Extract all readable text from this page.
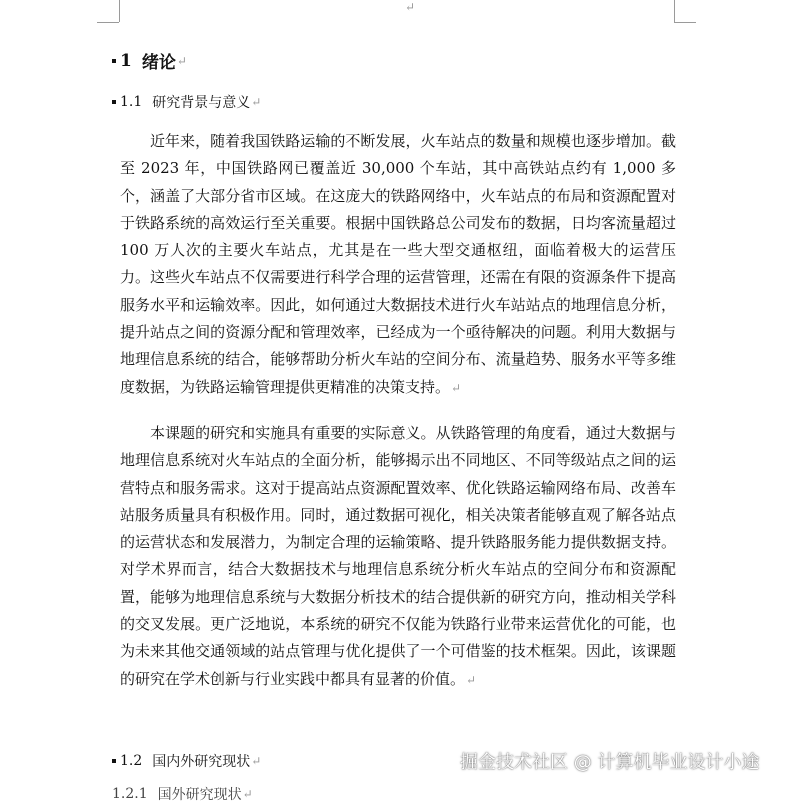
↵
1 绪论 ↵
1.1 研究背景与意义 ↵

近年来，随着我国铁路运输的不断发展，火车站点的数量和规模也逐步增加。截至 2023 年，中国铁路网已覆盖近 30,000 个车站，其中高铁站点约有 1,000 多个，涵盖了大部分省市区域。在这庞大的铁路网络中，火车站点的布局和资源配置对于铁路系统的高效运行至关重要。根据中国铁路总公司发布的数据，日均客流量超过 100 万人次的主要火车站点，尤其是在一些大型交通枢纽，面临着极大的运营压力。这些火车站点不仅需要进行科学合理的运营管理，还需在有限的资源条件下提高服务水平和运输效率。因此，如何通过大数据技术进行火车站站点的地理信息分析，提升站点之间的资源分配和管理效率，已经成为一个亟待解决的问题。利用大数据与地理信息系统的结合，能够帮助分析火车站的空间分布、流量趋势、服务水平等多维度数据，为铁路运输管理提供更精准的决策支持。↵

本课题的研究和实施具有重要的实际意义。从铁路管理的角度看，通过大数据与地理信息系统对火车站点的全面分析，能够揭示出不同地区、不同等级站点之间的运营特点和服务需求。这对于提高站点资源配置效率、优化铁路运输网络布局、改善车站服务质量具有积极作用。同时，通过数据可视化，相关决策者能够直观了解各站点的运营状态和发展潜力，为制定合理的运输策略、提升铁路服务能力提供数据支持。对学术界而言，结合大数据技术与地理信息系统分析火车站点的空间分布和资源配置，能够为地理信息系统与大数据分析技术的结合提供新的研究方向，推动相关学科的交叉发展。更广泛地说，本系统的研究不仅能为铁路行业带来运营优化的可能，也为未来其他交通领域的站点管理与优化提供了一个可借鉴的技术框架。因此，该课题的研究在学术创新与行业实践中都具有显著的价值。↵

1.2 国内外研究现状 ↵
1.2.1 国外研究现状 ↵
掘金技术社区 @ 计算机毕业设计小途
